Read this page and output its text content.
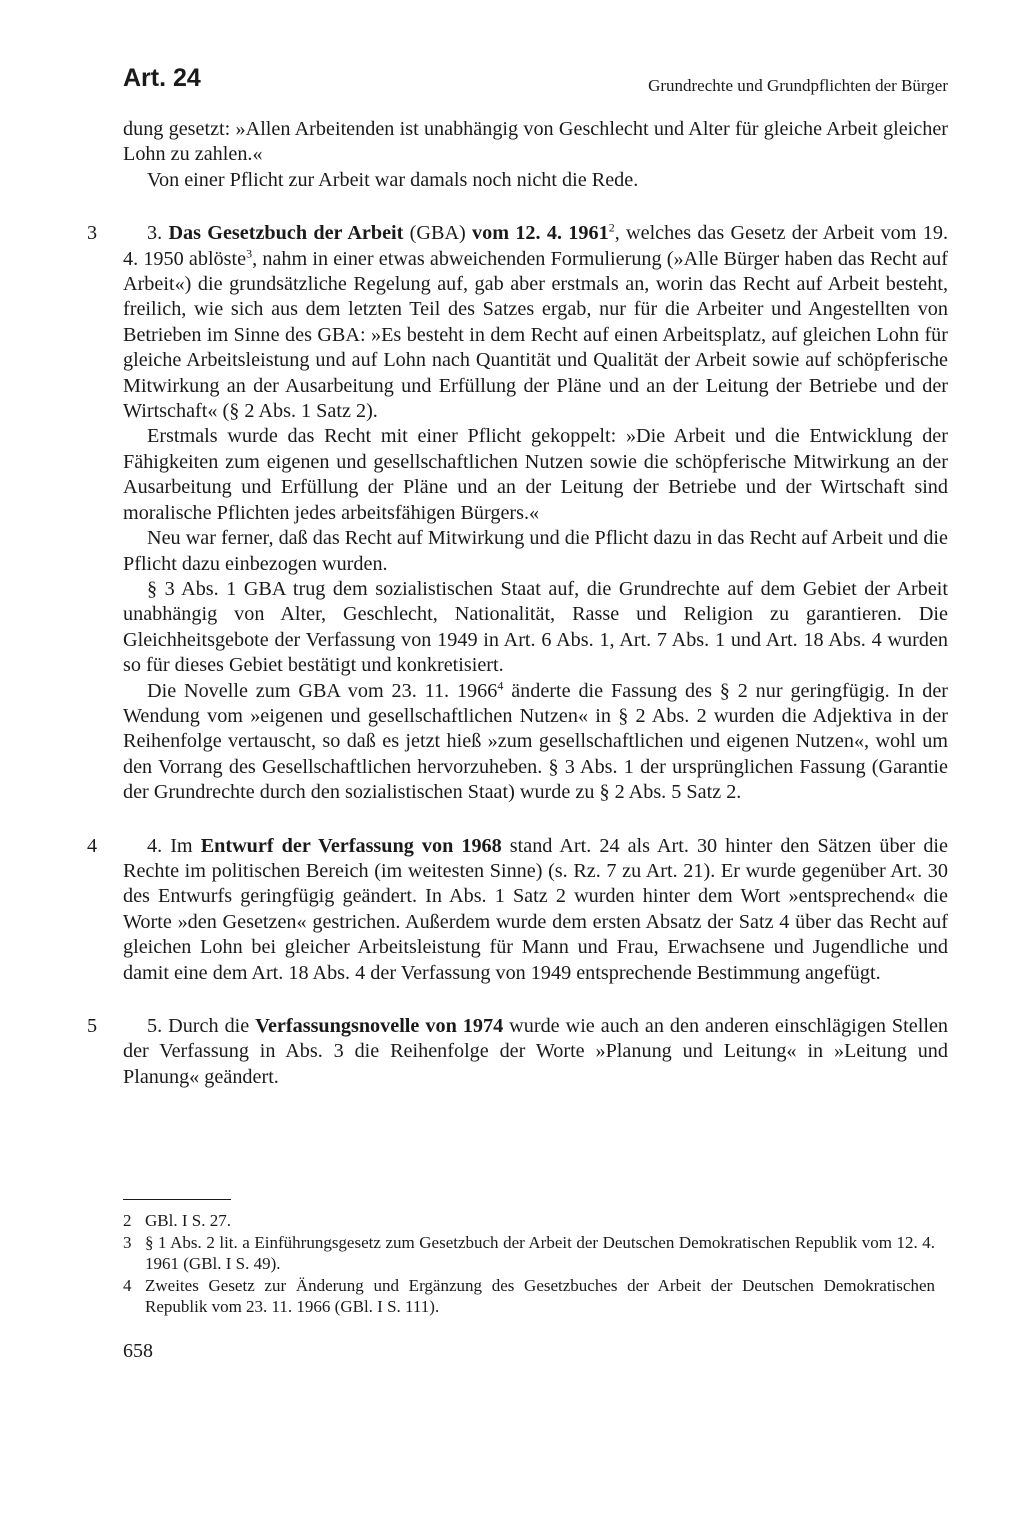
Art. 24	Grundrechte und Grundpflichten der Bürger

dung gesetzt: »Allen Arbeitenden ist unabhängig von Geschlecht und Alter für gleiche Arbeit gleicher Lohn zu zahlen.«

Von einer Pflicht zur Arbeit war damals noch nicht die Rede.

3	3. Das Gesetzbuch der Arbeit (GBA) vom 12. 4. 1961$^2$, welches das Gesetz der Arbeit vom 19. 4. 1950 ablöste$^3$, nahm in einer etwas abweichenden Formulierung (»Alle Bürger haben das Recht auf Arbeit«) die grundsätzliche Regelung auf, gab aber erstmals an, worin das Recht auf Arbeit besteht, freilich, wie sich aus dem letzten Teil des Satzes ergab, nur für die Arbeiter und Angestellten von Betrieben im Sinne des GBA: »Es besteht in dem Recht auf einen Arbeitsplatz, auf gleichen Lohn für gleiche Arbeitsleistung und auf Lohn nach Quantität und Qualität der Arbeit sowie auf schöpferische Mitwirkung an der Ausarbeitung und Erfüllung der Pläne und an der Leitung der Betriebe und der Wirtschaft« (§ 2 Abs. 1 Satz 2).

Erstmals wurde das Recht mit einer Pflicht gekoppelt: »Die Arbeit und die Entwicklung der Fähigkeiten zum eigenen und gesellschaftlichen Nutzen sowie die schöpferische Mitwirkung an der Ausarbeitung und Erfüllung der Pläne und an der Leitung der Betriebe und der Wirtschaft sind moralische Pflichten jedes arbeitsfähigen Bürgers.«

Neu war ferner, daß das Recht auf Mitwirkung und die Pflicht dazu in das Recht auf Arbeit und die Pflicht dazu einbezogen wurden.

§ 3 Abs. 1 GBA trug dem sozialistischen Staat auf, die Grundrechte auf dem Gebiet der Arbeit unabhängig von Alter, Geschlecht, Nationalität, Rasse und Religion zu garantieren. Die Gleichheitsgebote der Verfassung von 1949 in Art. 6 Abs. 1, Art. 7 Abs. 1 und Art. 18 Abs. 4 wurden so für dieses Gebiet bestätigt und konkretisiert.

Die Novelle zum GBA vom 23. 11. 1966$^4$ änderte die Fassung des § 2 nur geringfügig. In der Wendung vom »eigenen und gesellschaftlichen Nutzen« in § 2 Abs. 2 wurden die Adjektiva in der Reihenfolge vertauscht, so daß es jetzt hieß »zum gesellschaftlichen und eigenen Nutzen«, wohl um den Vorrang des Gesellschaftlichen hervorzuheben. § 3 Abs. 1 der ursprünglichen Fassung (Garantie der Grundrechte durch den sozialistischen Staat) wurde zu § 2 Abs. 5 Satz 2.

4	4. Im Entwurf der Verfassung von 1968 stand Art. 24 als Art. 30 hinter den Sätzen über die Rechte im politischen Bereich (im weitesten Sinne) (s. Rz. 7 zu Art. 21). Er wurde gegenüber Art. 30 des Entwurfs geringfügig geändert. In Abs. 1 Satz 2 wurden hinter dem Wort »entsprechend« die Worte »den Gesetzen« gestrichen. Außerdem wurde dem ersten Absatz der Satz 4 über das Recht auf gleichen Lohn bei gleicher Arbeitsleistung für Mann und Frau, Erwachsene und Jugendliche und damit eine dem Art. 18 Abs. 4 der Verfassung von 1949 entsprechende Bestimmung angefügt.

5	5. Durch die Verfassungsnovelle von 1974 wurde wie auch an den anderen einschlägigen Stellen der Verfassung in Abs. 3 die Reihenfolge der Worte »Planung und Leitung« in »Leitung und Planung« geändert.

2 GBl. I S. 27.
3 § 1 Abs. 2 lit. a Einführungsgesetz zum Gesetzbuch der Arbeit der Deutschen Demokratischen Republik vom 12. 4. 1961 (GBl. I S. 49).
4 Zweites Gesetz zur Änderung und Ergänzung des Gesetzbuches der Arbeit der Deutschen Demokratischen Republik vom 23. 11. 1966 (GBl. I S. 111).
658
